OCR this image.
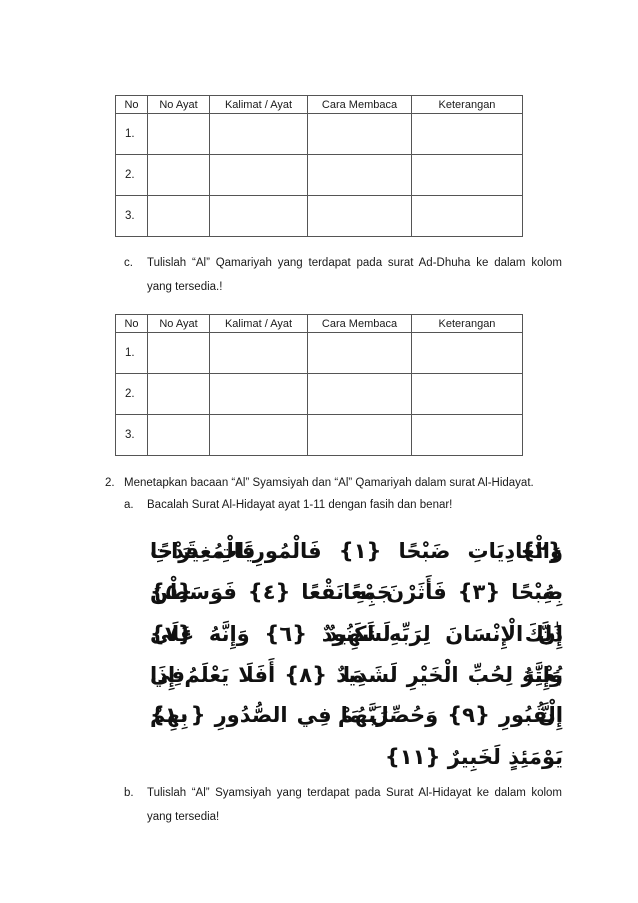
No	No Ayat	Kalimat / Ayat	Cara Membaca	Keterangan
1.				
2.				
3.				
c. Tulislah “Al” Qamariyah yang terdapat pada surat Ad-Dhuha ke dalam kolom
yang tersedia.!
No	No Ayat	Kalimat / Ayat	Cara Membaca	Keterangan
1.				
2.				
3.				
2. Menetapkan bacaan “Al” Syamsiyah dan “Al” Qamariyah dalam surat Al-Hidayat.
a. Bacalah Surat Al-Hidayat ayat 1-11 dengan fasih dan benar!
وَالْعَادِيَاتِ ضَبْحًا {١} فَالْمُورِيَاتِ قَدْحًا {٢} فَالْمُغِيرَاتِ
صُبْحًا {٣} فَأَثَرْنَ بِهِ نَقْعًا {٤} فَوَسَطْنَ بِهِ جَمْعًا {٥}
إِنَّ الْإِنْسَانَ لِرَبِّهِ لَكَنُودٌ {٦} وَإِنَّهُ عَلَى ذَٰلِكَ لَشَهِيدٌ {٧}
وَإِنَّهُ لِحُبِّ الْخَيْرِ لَشَدِيدٌ {٨} أَفَلَا يَعْلَمُ إِذَا بُعْثِرَ مَا فِي
الْقُبُورِ {٩} وَحُصِّلَ مَا فِي الصُّدُورِ {١٠} إِنَّ رَبَّهُمْ بِهِمْ
يَوْمَئِذٍ لَخَبِيرٌ {١١}
b. Tulislah “Al” Syamsiyah yang terdapat pada Surat Al-Hidayat ke dalam kolom
yang tersedia!
